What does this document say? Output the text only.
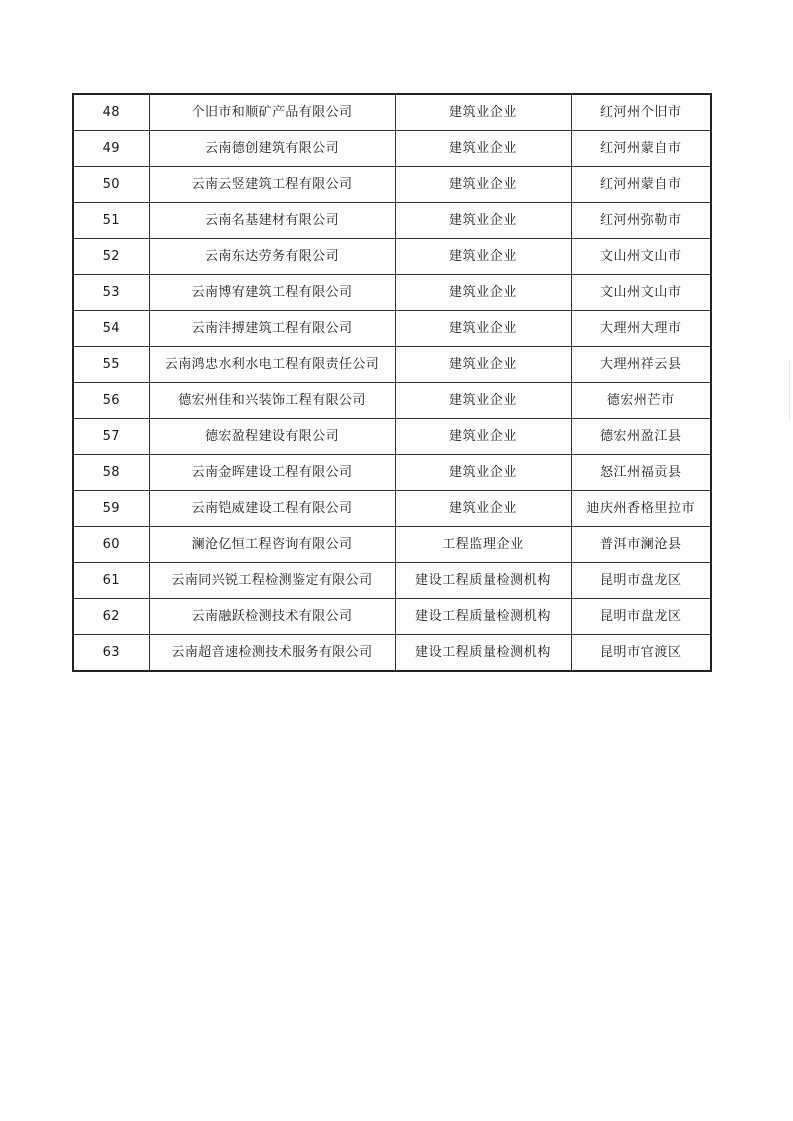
48	个旧市和顺矿产品有限公司	建筑业企业	红河州个旧市
49	云南德创建筑有限公司	建筑业企业	红河州蒙自市
50	云南云竖建筑工程有限公司	建筑业企业	红河州蒙自市
51	云南名基建材有限公司	建筑业企业	红河州弥勒市
52	云南东达劳务有限公司	建筑业企业	文山州文山市
53	云南博宥建筑工程有限公司	建筑业企业	文山州文山市
54	云南沣搏建筑工程有限公司	建筑业企业	大理州大理市
55	云南鸿忠水利水电工程有限责任公司	建筑业企业	大理州祥云县
56	德宏州佳和兴装饰工程有限公司	建筑业企业	德宏州芒市
57	德宏盈程建设有限公司	建筑业企业	德宏州盈江县
58	云南金晖建设工程有限公司	建筑业企业	怒江州福贡县
59	云南铠威建设工程有限公司	建筑业企业	迪庆州香格里拉市
60	澜沧亿恒工程咨询有限公司	工程监理企业	普洱市澜沧县
61	云南同兴锐工程检测鉴定有限公司	建设工程质量检测机构	昆明市盘龙区
62	云南融跃检测技术有限公司	建设工程质量检测机构	昆明市盘龙区
63	云南超音速检测技术服务有限公司	建设工程质量检测机构	昆明市官渡区
